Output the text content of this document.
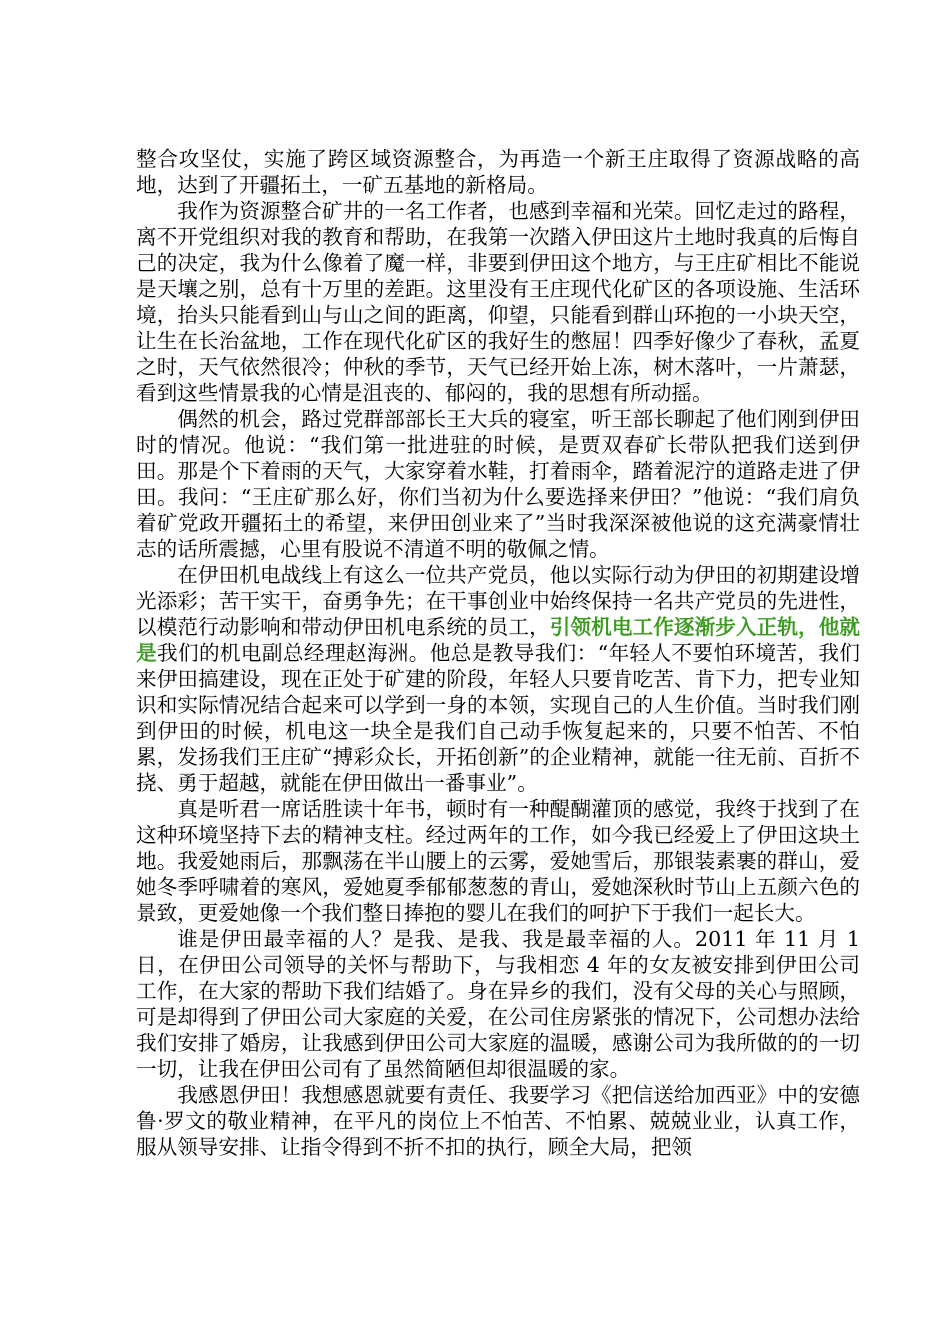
整合攻坚仗，实施了跨区域资源整合，为再造一个新王庄取得了资源战略的高地，达到了开疆拓土，一矿五基地的新格局。

我作为资源整合矿井的一名工作者，也感到幸福和光荣。回忆走过的路程，离不开党组织对我的教育和帮助，在我第一次踏入伊田这片土地时我真的后悔自己的决定，我为什么像着了魔一样，非要到伊田这个地方，与王庄矿相比不能说是天壤之别，总有十万里的差距。这里没有王庄现代化矿区的各项设施、生活环境，抬头只能看到山与山之间的距离，仰望，只能看到群山环抱的一小块天空，让生在长治盆地，工作在现代化矿区的我好生的憋屈！四季好像少了春秋，孟夏之时，天气依然很冷；仲秋的季节，天气已经开始上冻，树木落叶，一片萧瑟，看到这些情景我的心情是沮丧的、郁闷的，我的思想有所动摇。

偶然的机会，路过党群部部长王大兵的寝室，听王部长聊起了他们刚到伊田时的情况。他说：“我们第一批进驻的时候，是贾双春矿长带队把我们送到伊田。那是个下着雨的天气，大家穿着水鞋，打着雨伞，踏着泥泞的道路走进了伊田。我问：“王庄矿那么好，你们当初为什么要选择来伊田？”他说：“我们肩负着矿党政开疆拓土的希望，来伊田创业来了”当时我深深被他说的这充满豪情壮志的话所震撼，心里有股说不清道不明的敬佩之情。

在伊田机电战线上有这么一位共产党员，他以实际行动为伊田的初期建设增光添彩；苦干实干，奋勇争先；在干事创业中始终保持一名共产党员的先进性，以模范行动影响和带动伊田机电系统的员工，引领机电工作逐渐步入正轨，他就是我们的机电副总经理赵海洲。他总是教导我们：“年轻人不要怕环境苦，我们来伊田搞建设，现在正处于矿建的阶段，年轻人只要肯吃苦、肯下力，把专业知识和实际情况结合起来可以学到一身的本领，实现自己的人生价值。当时我们刚到伊田的时候，机电这一块全是我们自己动手恢复起来的，只要不怕苦、不怕累，发扬我们王庄矿“搏彩众长，开拓创新”的企业精神，就能一往无前、百折不挠、勇于超越，就能在伊田做出一番事业”。

真是听君一席话胜读十年书，顿时有一种醍醐灌顶的感觉，我终于找到了在这种环境坚持下去的精神支柱。经过两年的工作，如今我已经爱上了伊田这块土地。我爱她雨后，那飘荡在半山腰上的云雾，爱她雪后，那银装素裹的群山，爱她冬季呼啸着的寒风，爱她夏季郁郁葱葱的青山，爱她深秋时节山上五颜六色的景致，更爱她像一个我们整日捧抱的婴儿在我们的呵护下于我们一起长大。

谁是伊田最幸福的人？是我、是我、我是最幸福的人。2011 年 11 月 1 日，在伊田公司领导的关怀与帮助下，与我相恋 4 年的女友被安排到伊田公司工作，在大家的帮助下我们结婚了。身在异乡的我们，没有父母的关心与照顾，可是却得到了伊田公司大家庭的关爱，在公司住房紧张的情况下，公司想办法给我们安排了婚房，让我感到伊田公司大家庭的温暖，感谢公司为我所做的的一切一切，让我在伊田公司有了虽然简陋但却很温暖的家。

我感恩伊田！我想感恩就要有责任、我要学习《把信送给加西亚》中的安德鲁·罗文的敬业精神，在平凡的岗位上不怕苦、不怕累、兢兢业业，认真工作，服从领导安排、让指令得到不折不扣的执行，顾全大局，把领
